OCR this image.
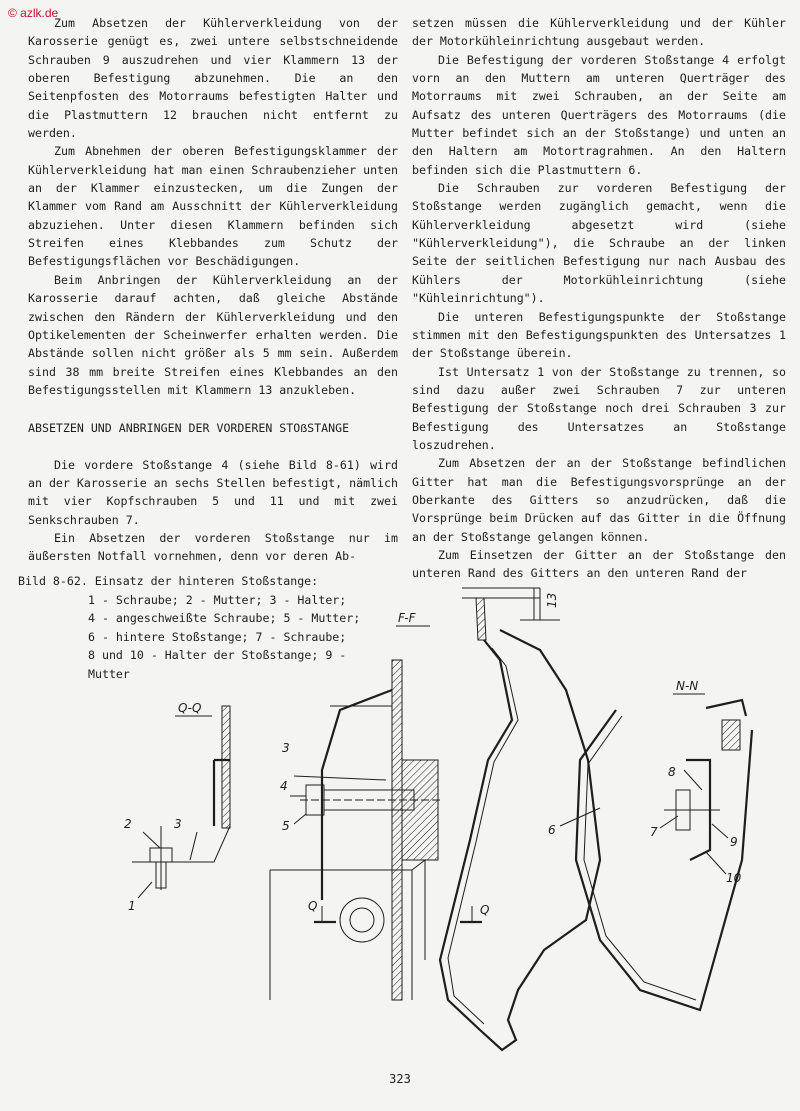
© azlk.de

Zum Absetzen der Kühlerverkleidung von der Karosserie genügt es, zwei untere selbstschneidende Schrauben 9 auszudrehen und vier Klammern 13 der oberen Befestigung abzunehmen. Die an den Seitenpfosten des Motorraums befestigten Halter und die Plastmuttern 12 brauchen nicht entfernt zu werden.

Zum Abnehmen der oberen Befestigungsklammer der Kühlerverkleidung hat man einen Schraubenzieher unten an der Klammer einzustecken, um die Zungen der Klammer vom Rand am Ausschnitt der Kühlerverkleidung abzuziehen. Unter diesen Klammern befinden sich Streifen eines Klebbandes zum Schutz der Befestigungsflächen vor Beschädigungen.

Beim Anbringen der Kühlerverkleidung an der Karosserie darauf achten, daß gleiche Abstände zwischen den Rändern der Kühlerverkleidung und den Optikelementen der Scheinwerfer erhalten werden. Die Abstände sollen nicht größer als 5 mm sein. Außerdem sind 38 mm breite Streifen eines Klebbandes an den Befestigungsstellen mit Klammern 13 anzukleben.

ABSETZEN UND ANBRINGEN DER VORDEREN STOẞSTANGE

Die vordere Stoßstange 4 (siehe Bild 8-61) wird an der Karosserie an sechs Stellen befestigt, nämlich mit vier Kopfschrauben 5 und 11 und mit zwei Senkschrauben 7.

Ein Absetzen der vorderen Stoßstange nur im äußersten Notfall vornehmen, denn vor deren Ab-

setzen müssen die Kühlerverkleidung und der Kühler der Motorkühleinrichtung ausgebaut werden.

Die Befestigung der vorderen Stoßstange 4 erfolgt vorn an den Muttern am unteren Querträger des Motorraums mit zwei Schrauben, an der Seite am Aufsatz des unteren Querträgers des Motorraums (die Mutter befindet sich an der Stoßstange) und unten an den Haltern am Motortragrahmen. An den Haltern befinden sich die Plastmuttern 6.

Die Schrauben zur vorderen Befestigung der Stoßstange werden zugänglich gemacht, wenn die Kühlerverkleidung abgesetzt wird (siehe "Kühlerverkleidung"), die Schraube an der linken Seite der seitlichen Befestigung nur nach Ausbau des Kühlers der Motorkühleinrichtung (siehe "Kühleinrichtung").

Die unteren Befestigungspunkte der Stoßstange stimmen mit den Befestigungspunkten des Untersatzes 1 der Stoßstange überein.

Ist Untersatz 1 von der Stoßstange zu trennen, so sind dazu außer zwei Schrauben 7 zur unteren Befestigung der Stoßstange noch drei Schrauben 3 zur Befestigung des Untersatzes an Stoßstange loszudrehen.

Zum Absetzen der an der Stoßstange befindlichen Gitter hat man die Befestigungsvorsprünge an der Oberkante des Gitters so anzudrücken, daß die Vorsprünge beim Drücken auf das Gitter in die Öffnung an der Stoßstange gelangen können.

Zum Einsetzen der Gitter an der Stoßstange den unteren Rand des Gitters an den unteren Rand der

Bild 8-62. Einsatz der hinteren Stoßstange:
1 - Schraube; 2 - Mutter; 3 - Halter;
4 - angeschweißte Schraube; 5 - Mutter;
6 - hintere Stoßstange; 7 - Schraube;
8 und 10 - Halter der Stoßstange; 9 -
Mutter
Q-Q
2	3
1
3
4
5
Q	Q
F-F
13
6
N-N
8
7
9
10
323
